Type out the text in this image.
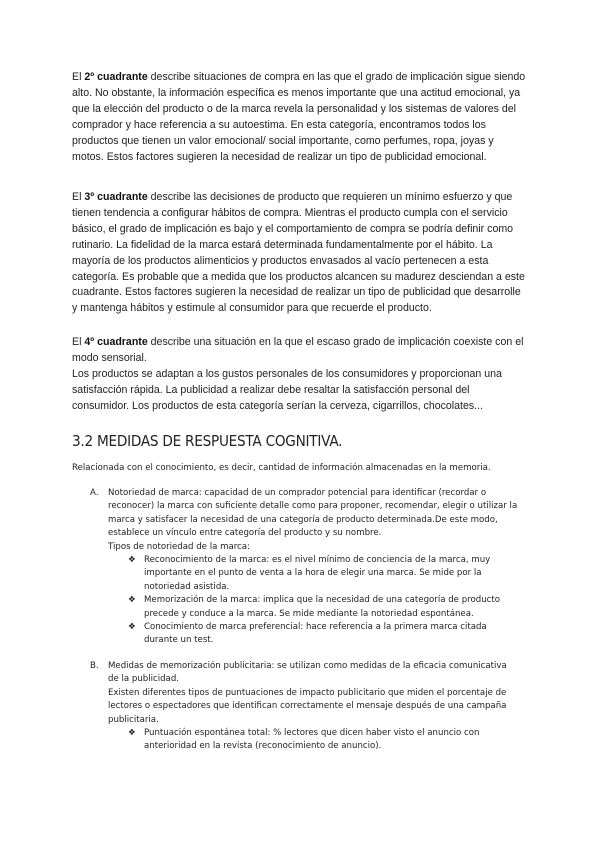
El 2º cuadrante describe situaciones de compra en las que el grado de implicación sigue siendo alto. No obstante, la información específica es menos importante que una actitud emocional, ya que la elección del producto o de la marca revela la personalidad y los sistemas de valores del comprador y hace referencia a su autoestima. En esta categoría, encontramos todos los productos que tienen un valor emocional/ social importante, como perfumes, ropa, joyas y motos. Estos factores sugieren la necesidad de realizar un tipo de publicidad emocional.

El 3º cuadrante describe las decisiones de producto que requieren un mínimo esfuerzo y que tienen tendencia a configurar hábitos de compra. Mientras el producto cumpla con el servicio básico, el grado de implicación es bajo y el comportamiento de compra se podría definir como rutinario. La fidelidad de la marca estará determinada fundamentalmente por el hábito. La mayoría de los productos alimenticios y productos envasados al vacío pertenecen a esta categoría. Es probable que a medida que los productos alcancen su madurez desciendan a este cuadrante. Estos factores sugieren la necesidad de realizar un tipo de publicidad que desarrolle y mantenga hábitos y estimule al consumidor para que recuerde el producto.

El 4º cuadrante describe una situación en la que el escaso grado de implicación coexiste con el modo sensorial.

Los productos se adaptan a los gustos personales de los consumidores y proporcionan una satisfacción rápida. La publicidad a realizar debe resaltar la satisfacción personal del consumidor. Los productos de esta categoría serían la cerveza, cigarrillos, chocolates...

3.2 MEDIDAS DE RESPUESTA COGNITIVA.

Relacionada con el conocimiento, es decir, cantidad de información almacenadas en la memoria.

A.	Notoriedad de marca: capacidad de un comprador potencial para identificar (recordar o reconocer) la marca con suficiente detalle como para proponer, recomendar, elegir o utilizar la marca y satisfacer la necesidad de una categoría de producto determinada.De este modo, establece un vínculo entre categoría del producto y su nombre.

Tipos de notoriedad de la marca:

❖ Reconocimiento de la marca: es el nivel mínimo de conciencia de la marca, muy importante en el punto de venta a la hora de elegir una marca. Se mide por la notoriedad asistida.
❖ Memorización de la marca: implica que la necesidad de una categoría de producto precede y conduce a la marca. Se mide mediante la notoriedad espontánea.
❖ Conocimiento de marca preferencial: hace referencia a la primera marca citada durante un test.
B.	Medidas de memorización publicitaria: se utilizan como medidas de la eficacia comunicativa de la publicidad.

Existen diferentes tipos de puntuaciones de impacto publicitario que miden el porcentaje de lectores o espectadores que identifican correctamente el mensaje después de una campaña publicitaria.

❖ Puntuación espontánea total: % lectores que dicen haber visto el anuncio con anterioridad en la revista (reconocimiento de anuncio).
